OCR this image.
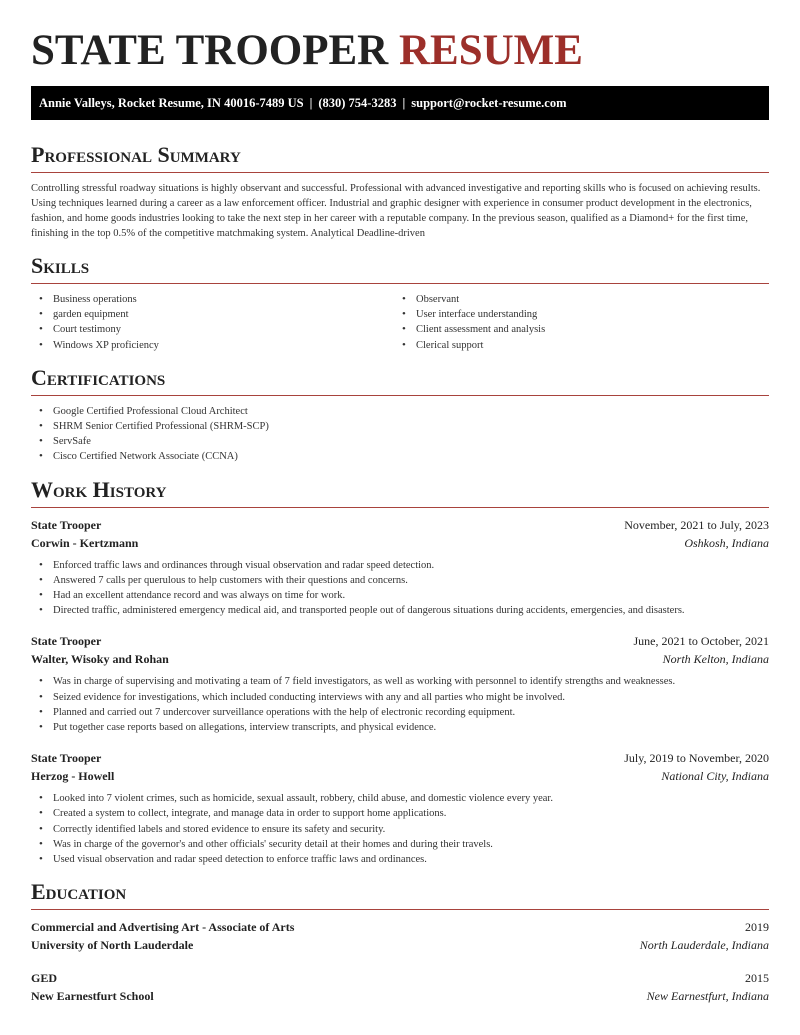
STATE TROOPER RESUME
Annie Valleys, Rocket Resume, IN 40016-7489 US | (830) 754-3283 | support@rocket-resume.com
Professional Summary

Controlling stressful roadway situations is highly observant and successful. Professional with advanced investigative and reporting skills who is focused on achieving results. Using techniques learned during a career as a law enforcement officer. Industrial and graphic designer with experience in consumer product development in the electronics, fashion, and home goods industries looking to take the next step in her career with a reputable company. In the previous season, qualified as a Diamond+ for the first time, finishing in the top 0.5% of the competitive matchmaking system. Analytical Deadline-driven

Skills
• Business operations
• garden equipment
• Court testimony
• Windows XP proficiency
• Observant
• User interface understanding
• Client assessment and analysis
• Clerical support
Certifications
• Google Certified Professional Cloud Architect
• SHRM Senior Certified Professional (SHRM-SCP)
• ServSafe
• Cisco Certified Network Associate (CCNA)
Work History
State Trooper	November, 2021 to July, 2023
Corwin - Kertzmann	Oshkosh, Indiana
• Enforced traffic laws and ordinances through visual observation and radar speed detection.
• Answered 7 calls per querulous to help customers with their questions and concerns.
• Had an excellent attendance record and was always on time for work.
• Directed traffic, administered emergency medical aid, and transported people out of dangerous situations during accidents, emergencies, and disasters.
State Trooper	June, 2021 to October, 2021
Walter, Wisoky and Rohan	North Kelton, Indiana
• Was in charge of supervising and motivating a team of 7 field investigators, as well as working with personnel to identify strengths and weaknesses.
• Seized evidence for investigations, which included conducting interviews with any and all parties who might be involved.
• Planned and carried out 7 undercover surveillance operations with the help of electronic recording equipment.
• Put together case reports based on allegations, interview transcripts, and physical evidence.
State Trooper	July, 2019 to November, 2020
Herzog - Howell	National City, Indiana
• Looked into 7 violent crimes, such as homicide, sexual assault, robbery, child abuse, and domestic violence every year.
• Created a system to collect, integrate, and manage data in order to support home applications.
• Correctly identified labels and stored evidence to ensure its safety and security.
• Was in charge of the governor's and other officials' security detail at their homes and during their travels.
• Used visual observation and radar speed detection to enforce traffic laws and ordinances.
Education
Commercial and Advertising Art - Associate of Arts	2019
University of North Lauderdale	North Lauderdale, Indiana
GED	2015
New Earnestfurt School	New Earnestfurt, Indiana
